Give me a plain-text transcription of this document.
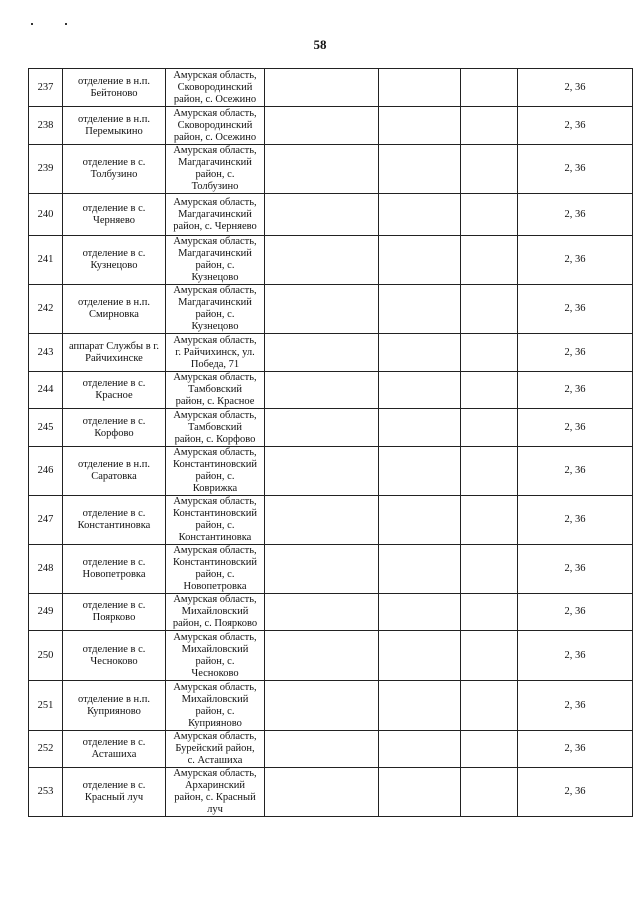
58
237	отделение в н.п.
Бейтоново	Амурская область,
Сковородинский
район, с. Осежино				2, 36
238	отделение в н.п.
Перемыкино	Амурская область,
Сковородинский
район, с. Осежино				2, 36
239	отделение в с.
Толбузино	Амурская область,
Магдагачинский
район, с.
Толбузино				2, 36
240	отделение в с.
Черняево	Амурская область,
Магдагачинский
район, с. Черняево				2, 36
241	отделение в с.
Кузнецово	Амурская область,
Магдагачинский
район, с.
Кузнецово				2, 36
242	отделение в н.п.
Смирновка	Амурская область,
Магдагачинский
район, с.
Кузнецово				2, 36
243	аппарат Службы в г.
Райчихинске	Амурская область,
г. Райчихинск, ул.
Победа, 71				2, 36
244	отделение в с.
Красное	Амурская область,
Тамбовский
район, с. Красное				2, 36
245	отделение в с.
Корфово	Амурская область,
Тамбовский
район, с. Корфово				2, 36
246	отделение в н.п.
Саратовка	Амурская область,
Константиновский
район, с.
Коврижка				2, 36
247	отделение в с.
Константиновка	Амурская область,
Константиновский
район, с.
Константиновка				2, 36
248	отделение в с.
Новопетровка	Амурская область,
Константиновский
район, с.
Новопетровка				2, 36
249	отделение в с.
Поярково	Амурская область,
Михайловский
район, с. Поярково				2, 36
250	отделение в с.
Чесноково	Амурская область,
Михайловский
район, с.
Чесноково				2, 36
251	отделение в н.п.
Куприяново	Амурская область,
Михайловский
район, с.
Куприяново				2, 36
252	отделение в с.
Асташиха	Амурская область,
Бурейский район,
с. Асташиха				2, 36
253	отделение в с.
Красный луч	Амурская область,
Архаринский
район, с. Красный
луч				2, 36
